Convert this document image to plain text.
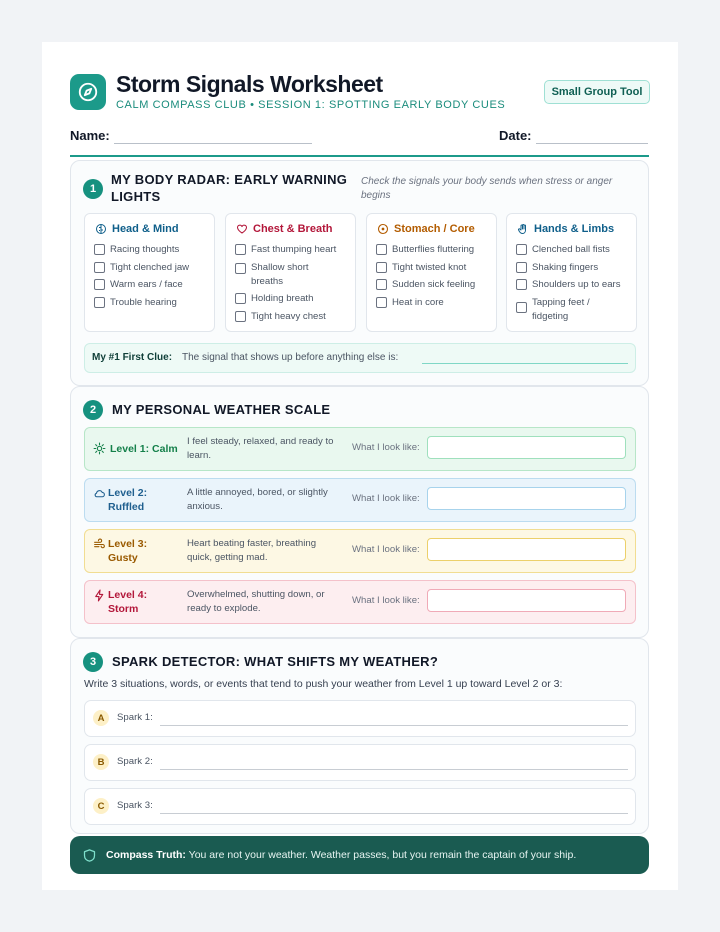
Storm Signals Worksheet
CALM COMPASS CLUB • SESSION 1: SPOTTING EARLY BODY CUES
Small Group Tool
Name:	Date:
1
MY BODY RADAR: EARLY WARNING LIGHTS
Check the signals your body sends when stress or anger begins
Head & Mind
Racing thoughts
Tight clenched jaw
Warm ears / face
Trouble hearing
Chest & Breath
Fast thumping heart
Shallow short breaths
Holding breath
Tight heavy chest
Stomach / Core
Butterflies fluttering
Tight twisted knot
Sudden sick feeling
Heat in core
Hands & Limbs
Clenched ball fists
Shaking fingers
Shoulders up to ears
Tapping feet / fidgeting
My #1 First Clue: The signal that shows up before anything else is:
2	MY PERSONAL WEATHER SCALE
Level 1: Calm
I feel steady, relaxed, and ready to learn.
What I look like:
Level 2: Ruffled
A little annoyed, bored, or slightly anxious.
What I look like:
Level 3: Gusty
Heart beating faster, breathing quick, getting mad.
What I look like:
Level 4: Storm
Overwhelmed, shutting down, or ready to explode.
What I look like:
3	SPARK DETECTOR: WHAT SHIFTS MY WEATHER?
Write 3 situations, words, or events that tend to push your weather from Level 1 up toward Level 2 or 3:
A	Spark 1:
B	Spark 2:
C	Spark 3:
Compass Truth: You are not your weather. Weather passes, but you remain the captain of your ship.
